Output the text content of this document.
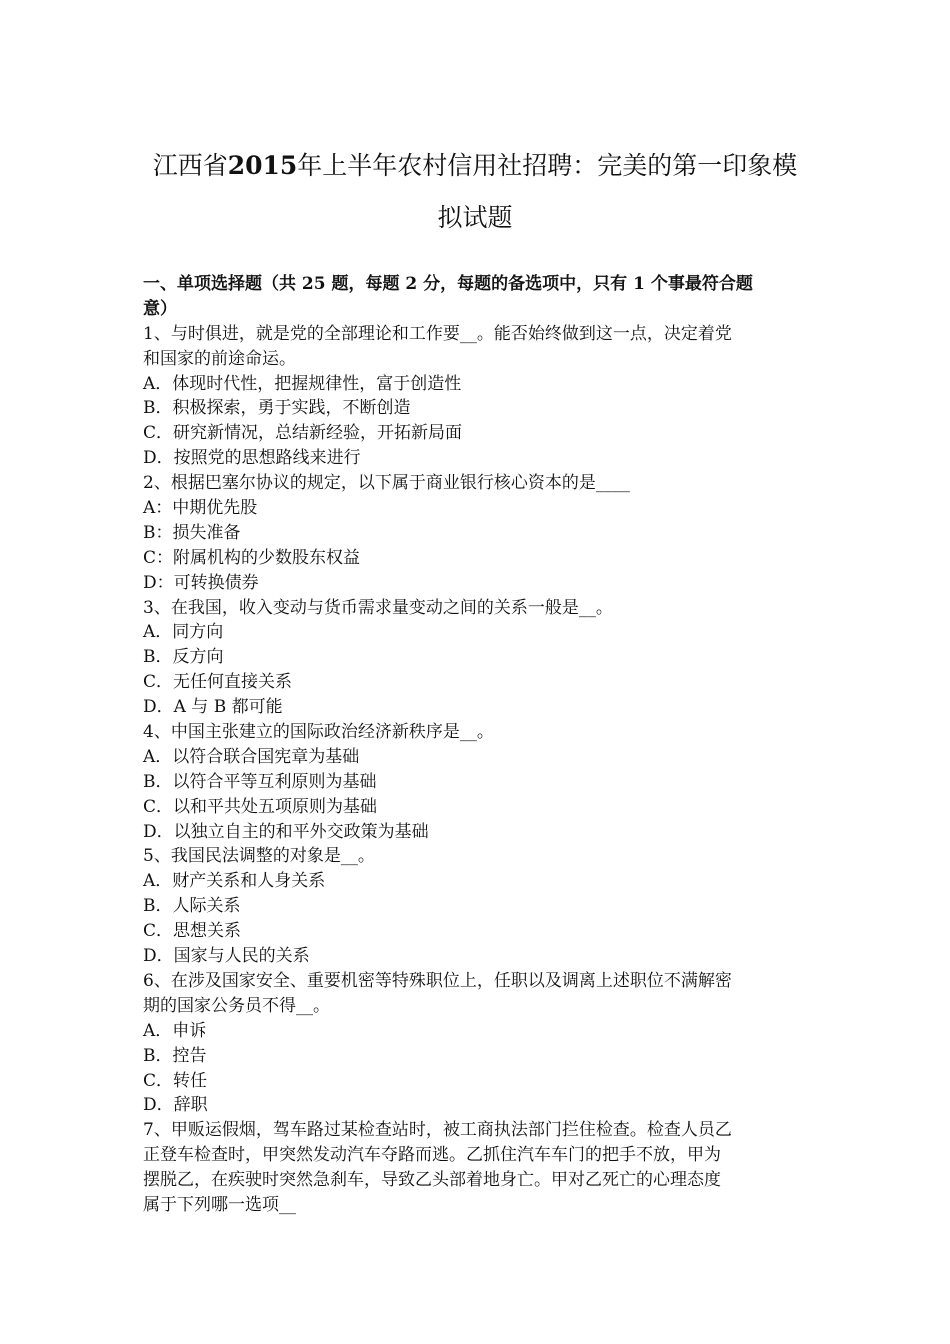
江西省2015年上半年农村信用社招聘：完美的第一印象模
拟试题
一、单项选择题（共 25 题，每题 2 分，每题的备选项中，只有 1 个事最符合题
意）
1、与时俱进，就是党的全部理论和工作要__。能否始终做到这一点，决定着党
和国家的前途命运。
A．体现时代性，把握规律性，富于创造性
B．积极探索，勇于实践，不断创造
C．研究新情况，总结新经验，开拓新局面
D．按照党的思想路线来进行
2、根据巴塞尔协议的规定，以下属于商业银行核心资本的是____
A：中期优先股
B：损失准备
C：附属机构的少数股东权益
D：可转换债券
3、在我国，收入变动与货币需求量变动之间的关系一般是__。
A．同方向
B．反方向
C．无任何直接关系
D．A 与 B 都可能
4、中国主张建立的国际政治经济新秩序是__。
A．以符合联合国宪章为基础
B．以符合平等互利原则为基础
C．以和平共处五项原则为基础
D．以独立自主的和平外交政策为基础
5、我国民法调整的对象是__。
A．财产关系和人身关系
B．人际关系
C．思想关系
D．国家与人民的关系
6、在涉及国家安全、重要机密等特殊职位上，任职以及调离上述职位不满解密
期的国家公务员不得__。
A．申诉
B．控告
C．转任
D．辞职
7、甲贩运假烟，驾车路过某检查站时，被工商执法部门拦住检查。检查人员乙
正登车检查时，甲突然发动汽车夺路而逃。乙抓住汽车车门的把手不放，甲为
摆脱乙，在疾驶时突然急刹车，导致乙头部着地身亡。甲对乙死亡的心理态度
属于下列哪一选项__
